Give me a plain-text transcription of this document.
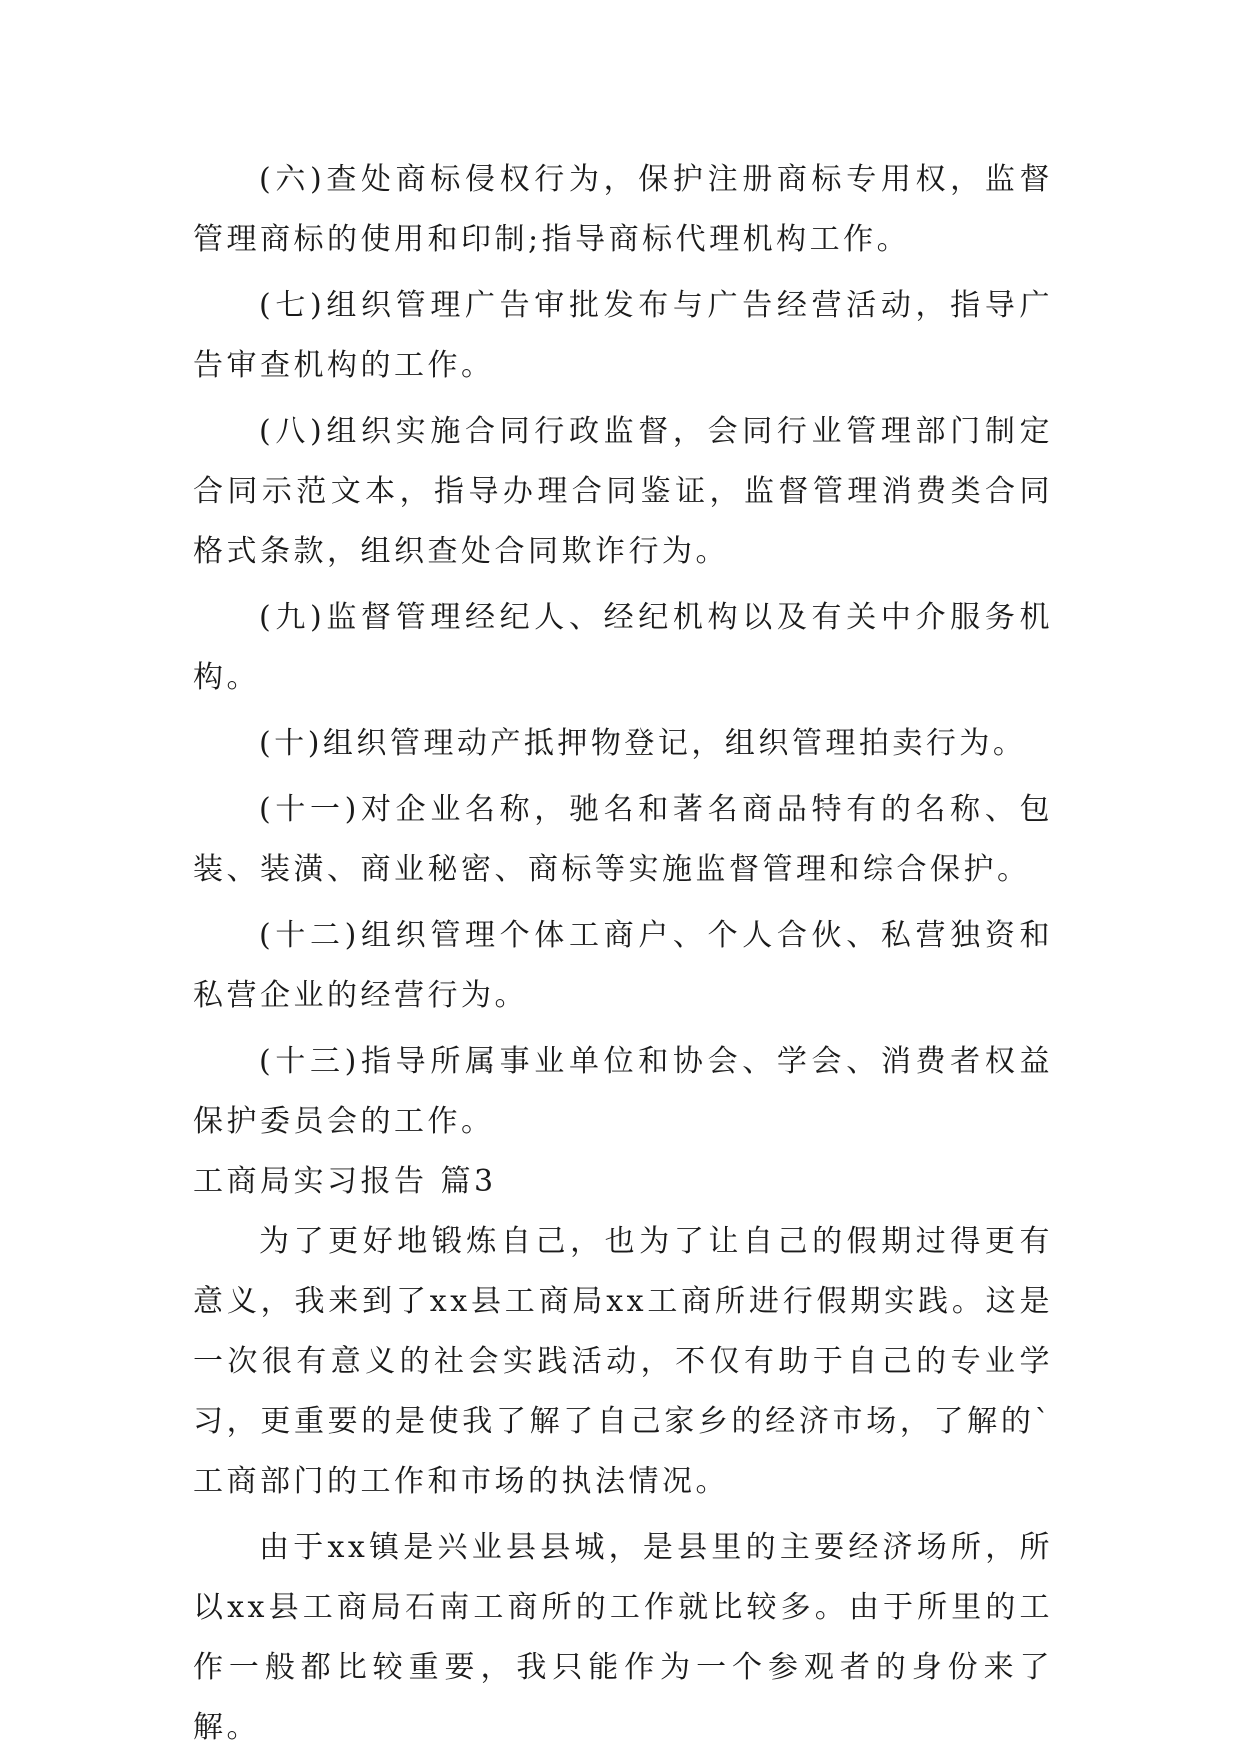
(六)查处商标侵权行为，保护注册商标专用权，监督管理商标的使用和印制;指导商标代理机构工作。

(七)组织管理广告审批发布与广告经营活动，指导广告审查机构的工作。

(八)组织实施合同行政监督，会同行业管理部门制定合同示范文本，指导办理合同鉴证，监督管理消费类合同格式条款，组织查处合同欺诈行为。

(九)监督管理经纪人、经纪机构以及有关中介服务机构。

(十)组织管理动产抵押物登记，组织管理拍卖行为。

(十一)对企业名称，驰名和著名商品特有的名称、包装、装潢、商业秘密、商标等实施监督管理和综合保护。

(十二)组织管理个体工商户、个人合伙、私营独资和私营企业的经营行为。

(十三)指导所属事业单位和协会、学会、消费者权益保护委员会的工作。

工商局实习报告 篇3

为了更好地锻炼自己，也为了让自己的假期过得更有意义，我来到了xx县工商局xx工商所进行假期实践。这是一次很有意义的社会实践活动，不仅有助于自己的专业学习，更重要的是使我了解了自己家乡的经济市场，了解的`工商部门的工作和市场的执法情况。

由于xx镇是兴业县县城，是县里的主要经济场所，所以xx县工商局石南工商所的工作就比较多。由于所里的工作一般都比较重要，我只能作为一个参观者的身份来了解。
